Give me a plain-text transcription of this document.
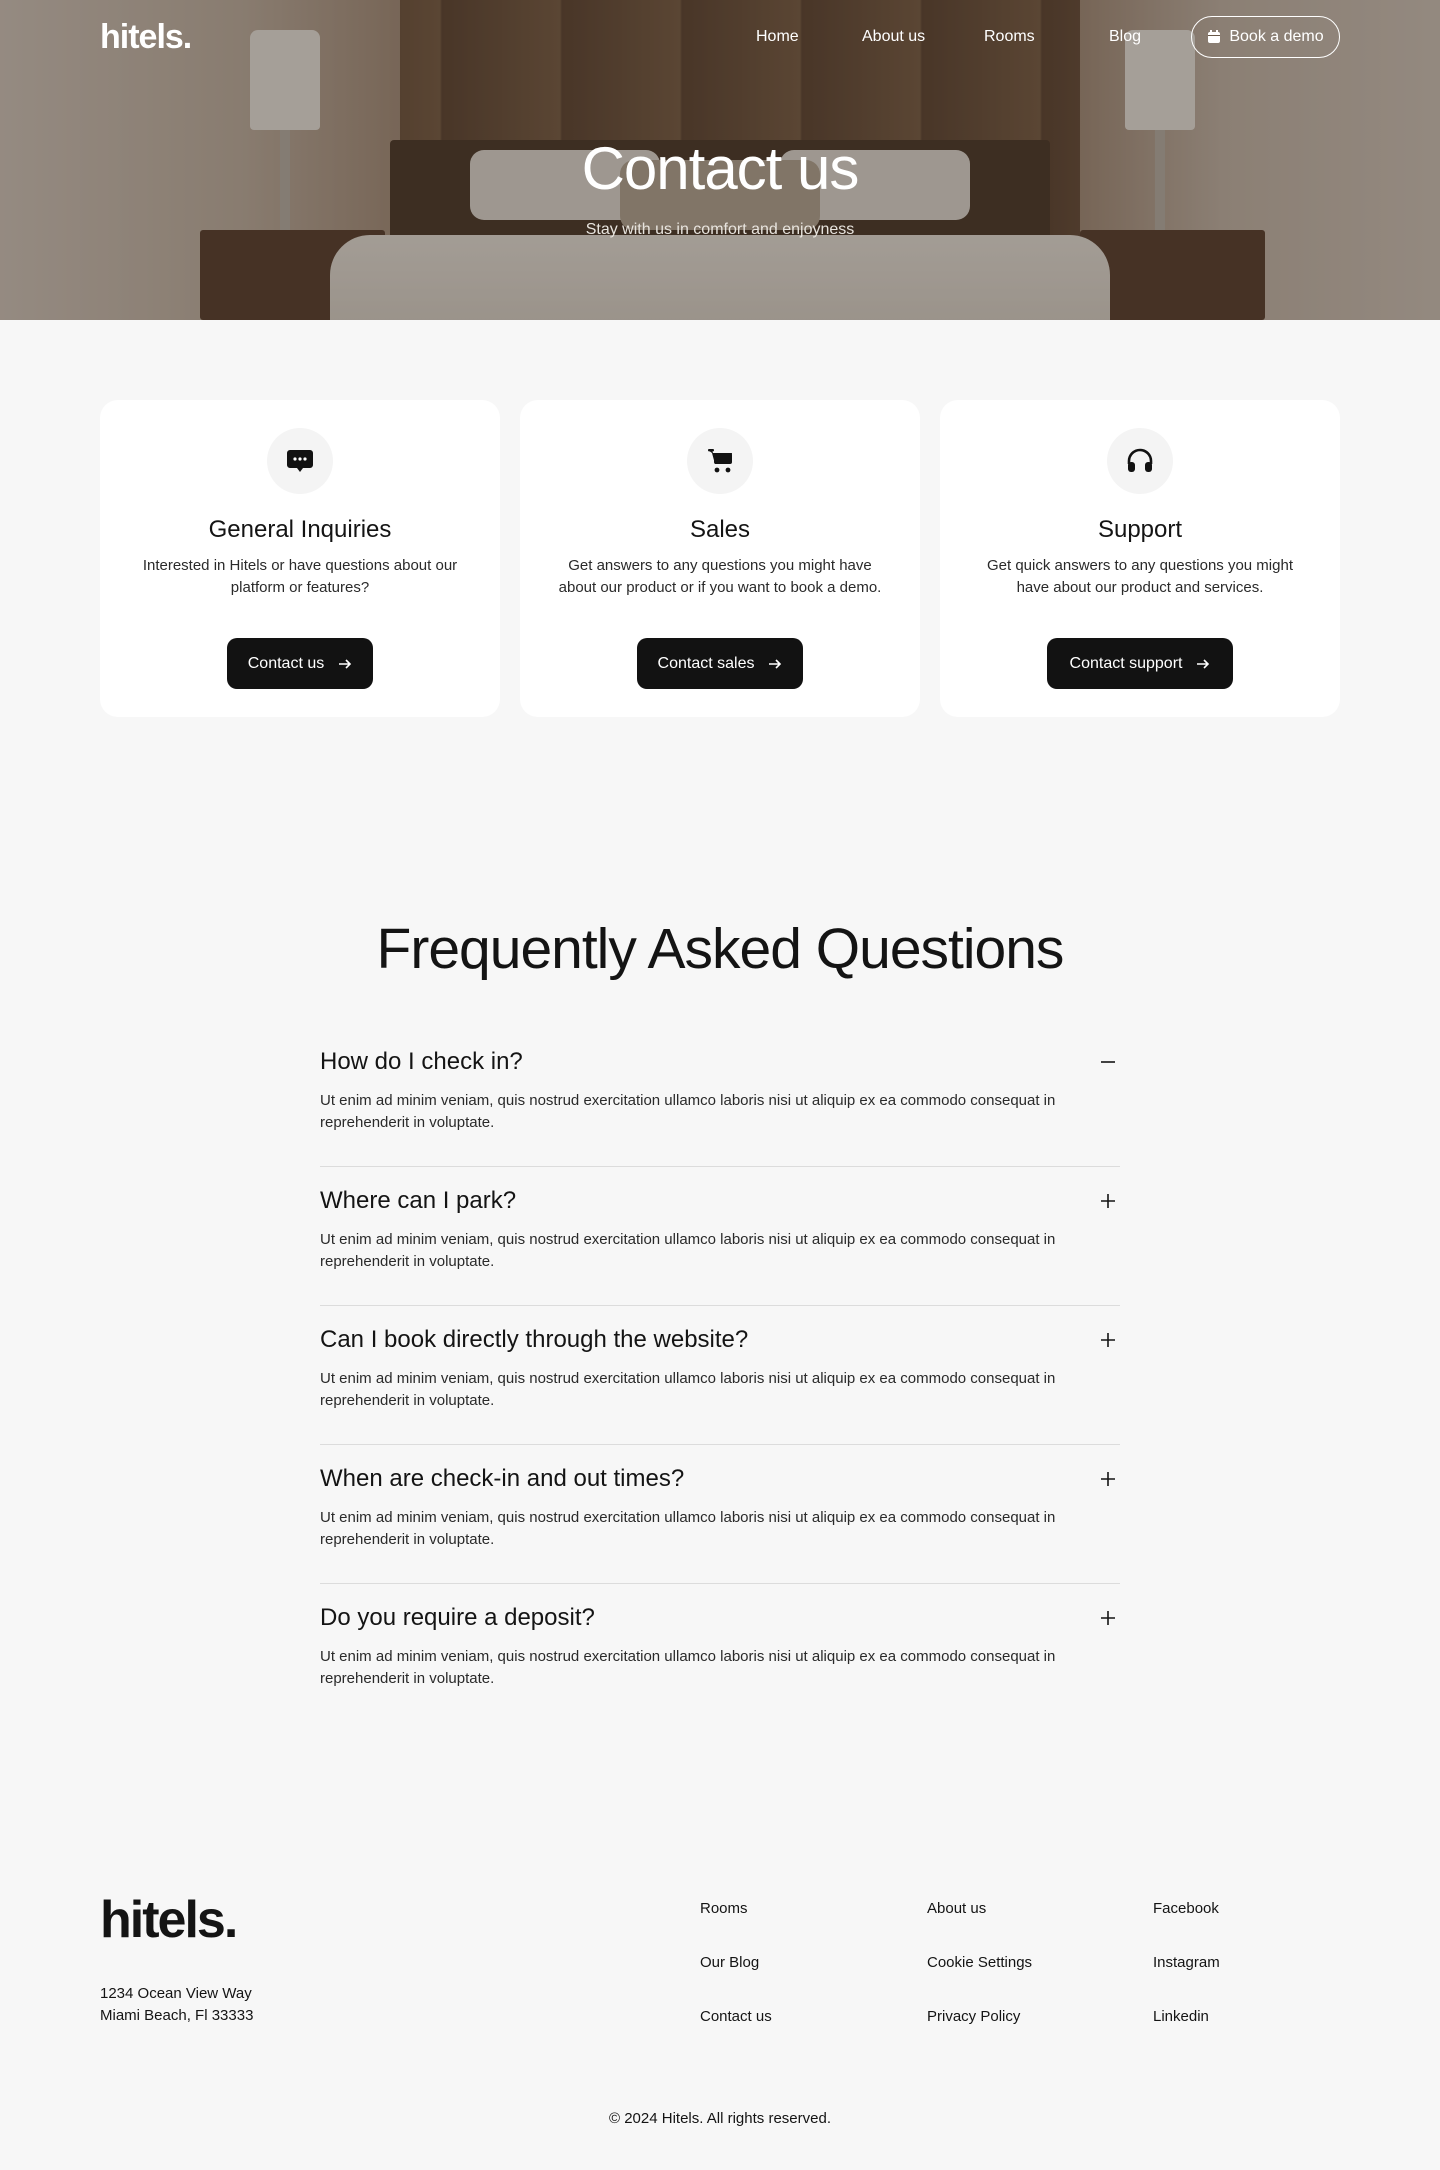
hitels.	Home	About us	Rooms	Blog	Book a demo
Contact us

Stay with us in comfort and enjoyness

General Inquiries

Interested in Hitels or have questions about our platform or features?

Contact us
Sales

Get answers to any questions you might have about our product or if you want to book a demo.

Contact sales
Support

Get quick answers to any questions you might have about our product and services.

Contact support
Frequently Asked Questions
How do I check in?

Ut enim ad minim veniam, quis nostrud exercitation ullamco laboris nisi ut aliquip ex ea commodo consequat in reprehenderit in voluptate.

Where can I park?

Ut enim ad minim veniam, quis nostrud exercitation ullamco laboris nisi ut aliquip ex ea commodo consequat in reprehenderit in voluptate.

Can I book directly through the website?

Ut enim ad minim veniam, quis nostrud exercitation ullamco laboris nisi ut aliquip ex ea commodo consequat in reprehenderit in voluptate.

When are check-in and out times?

Ut enim ad minim veniam, quis nostrud exercitation ullamco laboris nisi ut aliquip ex ea commodo consequat in reprehenderit in voluptate.

Do you require a deposit?

Ut enim ad minim veniam, quis nostrud exercitation ullamco laboris nisi ut aliquip ex ea commodo consequat in reprehenderit in voluptate.

hitels.
1234 Ocean View Way
Miami Beach, Fl 33333
Rooms
Our Blog
Contact us
About us
Cookie Settings
Privacy Policy
Facebook
Instagram
Linkedin
© 2024 Hitels. All rights reserved.
